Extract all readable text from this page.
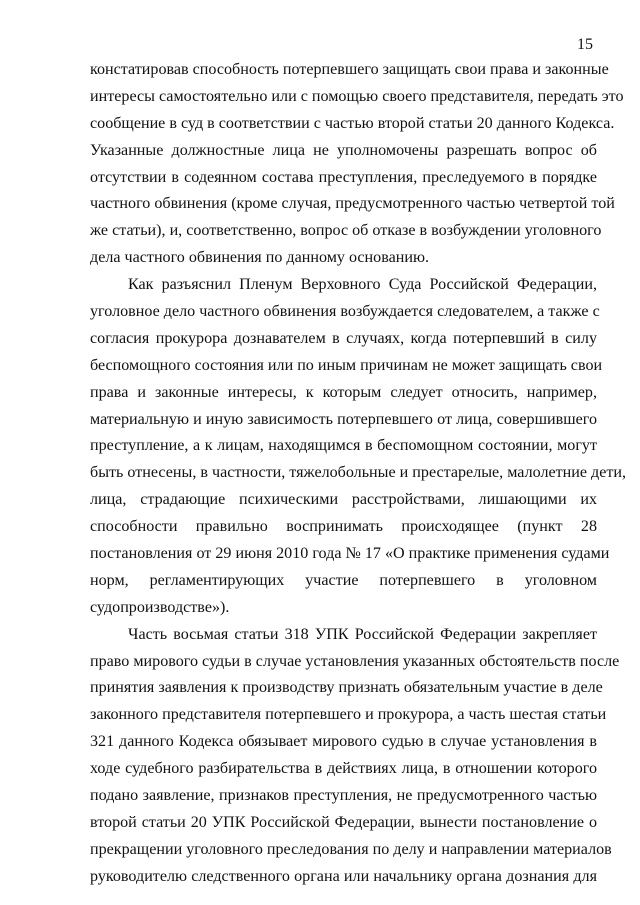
15
констатировав способность потерпевшего защищать свои права и законные
интересы самостоятельно или с помощью своего представителя, передать это
сообщение в суд в соответствии с частью второй статьи 20 данного Кодекса.
Указанные должностные лица не уполномочены разрешать вопрос об
отсутствии в содеянном состава преступления, преследуемого в порядке
частного обвинения (кроме случая, предусмотренного частью четвертой той
же статьи), и, соответственно, вопрос об отказе в возбуждении уголовного
дела частного обвинения по данному основанию.
Как разъяснил Пленум Верховного Суда Российской Федерации,
уголовное дело частного обвинения возбуждается следователем, а также с
согласия прокурора дознавателем в случаях, когда потерпевший в силу
беспомощного состояния или по иным причинам не может защищать свои
права и законные интересы, к которым следует относить, например,
материальную и иную зависимость потерпевшего от лица, совершившего
преступление, а к лицам, находящимся в беспомощном состоянии, могут
быть отнесены, в частности, тяжелобольные и престарелые, малолетние дети,
лица, страдающие психическими расстройствами, лишающими их
способности правильно воспринимать происходящее (пункт 28
постановления от 29 июня 2010 года № 17 «О практике применения судами
норм, регламентирующих участие потерпевшего в уголовном
судопроизводстве»).
Часть восьмая статьи 318 УПК Российской Федерации закрепляет
право мирового судьи в случае установления указанных обстоятельств после
принятия заявления к производству признать обязательным участие в деле
законного представителя потерпевшего и прокурора, а часть шестая статьи
321 данного Кодекса обязывает мирового судью в случае установления в
ходе судебного разбирательства в действиях лица, в отношении которого
подано заявление, признаков преступления, не предусмотренного частью
второй статьи 20 УПК Российской Федерации, вынести постановление о
прекращении уголовного преследования по делу и направлении материалов
руководителю следственного органа или начальнику органа дознания для
